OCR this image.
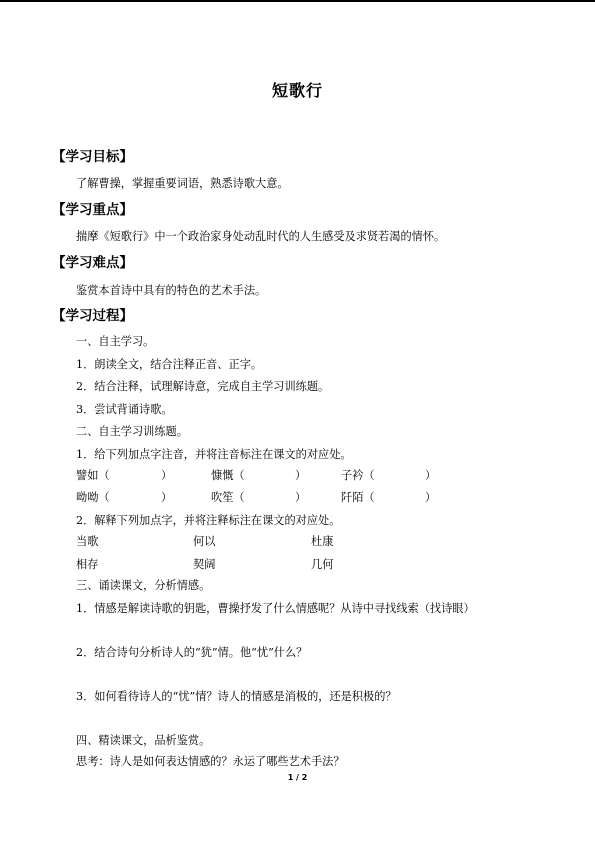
短歌行
【学习目标】
了解曹操，掌握重要词语，熟悉诗歌大意。
【学习重点】
揣摩《短歌行》中一个政治家身处动乱时代的人生感受及求贤若渴的情怀。
【学习难点】
鉴赏本首诗中具有的特色的艺术手法。
【学习过程】
一、自主学习。
1．朗读全文，结合注释正音、正字。
2．结合注释，试理解诗意，完成自主学习训练题。
3．尝试背诵诗歌。
二、自主学习训练题。
1．给下列加点字注音，并将注音标注在课文的对应处。
譬如（	）	慷慨（	）	子衿（	）
呦呦（	）	吹笙（	）	阡陌（	）
2．解释下列加点字，并将注释标注在课文的对应处。
当歌	何以	杜康
相存	契阔	几何
三、诵读课文，分析情感。
1．情感是解读诗歌的钥匙，曹操抒发了什么情感呢？从诗中寻找线索（找诗眼）
2．结合诗句分析诗人的“犹”情。他“忧”什么？
3．如何看待诗人的“忧”情？诗人的情感是消极的，还是积极的？
四、精读课文，品析鉴赏。
思考：诗人是如何表达情感的？永运了哪些艺术手法？
1 / 2
